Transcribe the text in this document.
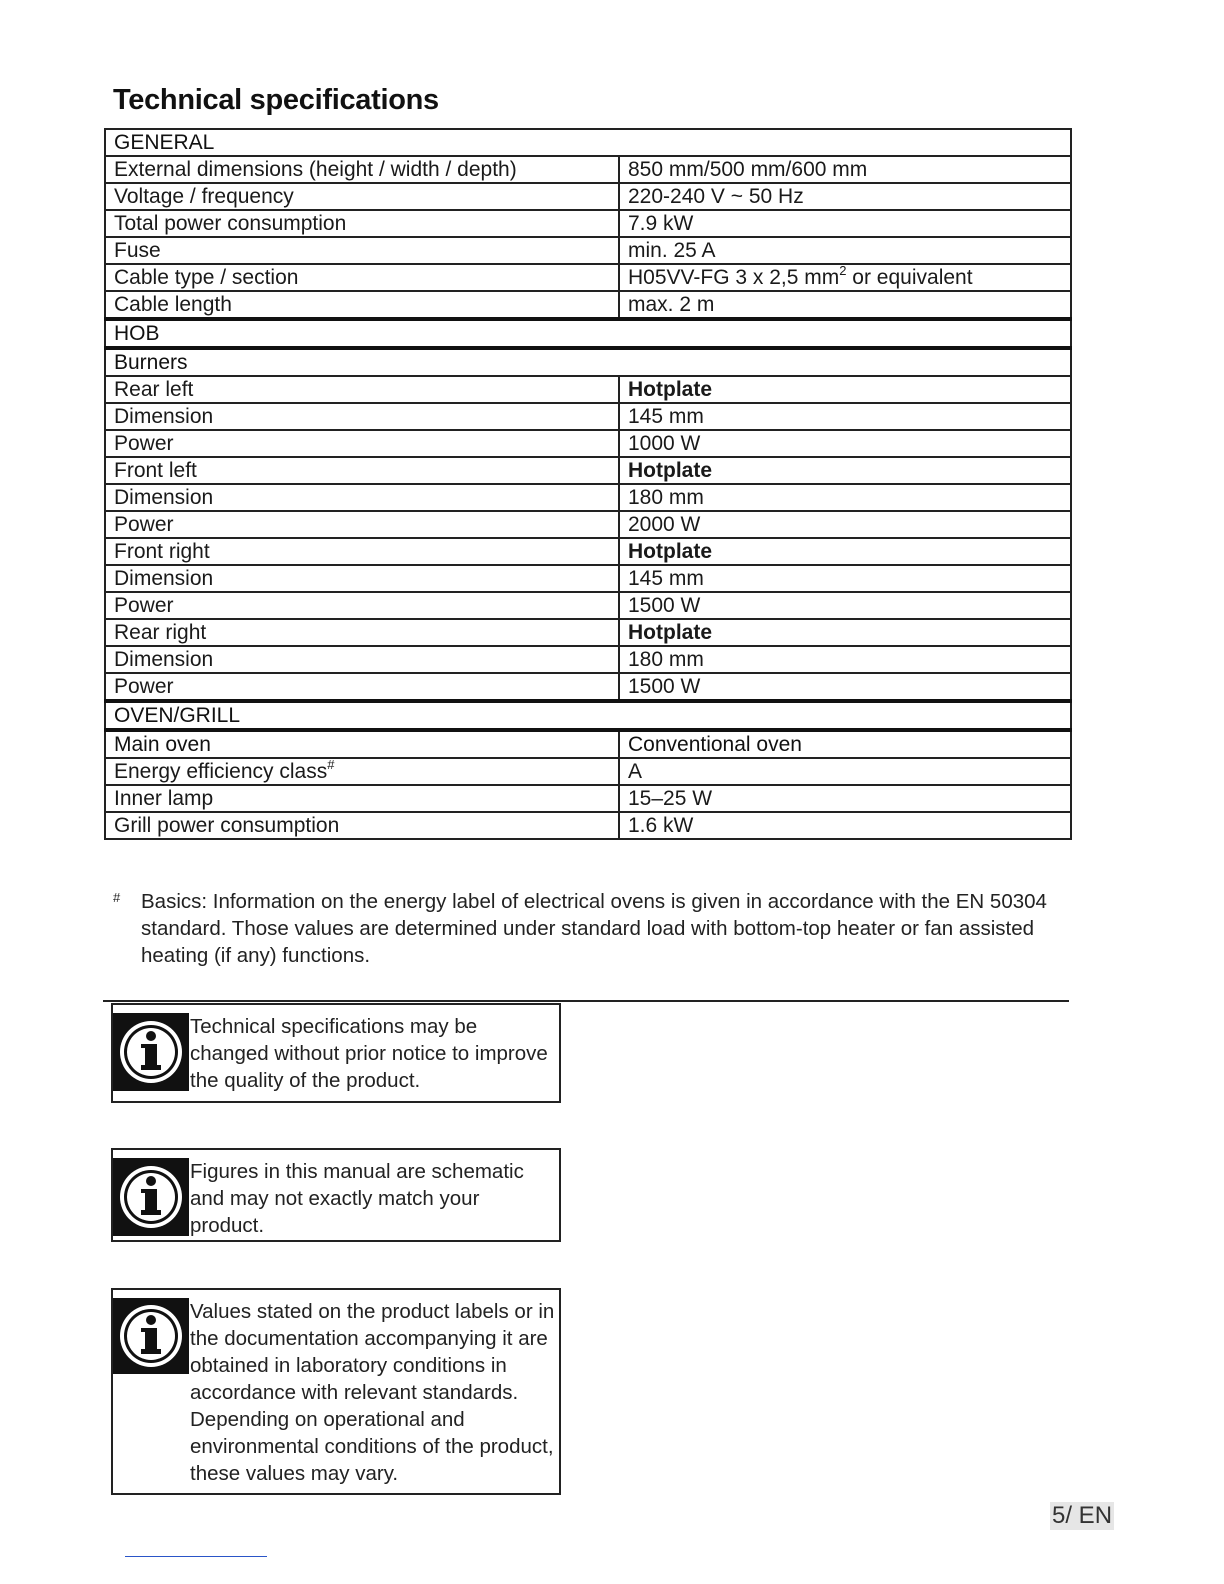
Technical specifications
GENERAL	
External dimensions (height / width / depth)	850 mm/500 mm/600 mm
Voltage / frequency	220-240 V ~ 50 Hz
Total power consumption	7.9 kW
Fuse	min. 25 A
Cable type / section	H05VV-FG 3 x 2,5 $mm^2$ or equivalent
Cable length	max. 2 m
HOB	
Burners	
Rear left	Hotplate
Dimension	145 mm
Power	1000 W
Front left	Hotplate
Dimension	180 mm
Power	2000 W
Front right	Hotplate
Dimension	145 mm
Power	1500 W
Rear right	Hotplate
Dimension	180 mm
Power	1500 W
OVEN/GRILL	
Main oven	Conventional oven
Energy efficiency class#	A
Inner lamp	15–25 W
Grill power consumption	1.6 kW
# Basics: Information on the energy label of electrical ovens is given in accordance with the EN 50304 standard. Those values are determined under standard load with bottom-top heater or fan assisted heating (if any) functions.
Technical specifications may be changed without prior notice to improve the quality of the product.
Figures in this manual are schematic and may not exactly match your product.
Values stated on the product labels or in the documentation accompanying it are obtained in laboratory conditions in accordance with relevant standards. Depending on operational and environmental conditions of the product, these values may vary.
5/ EN
